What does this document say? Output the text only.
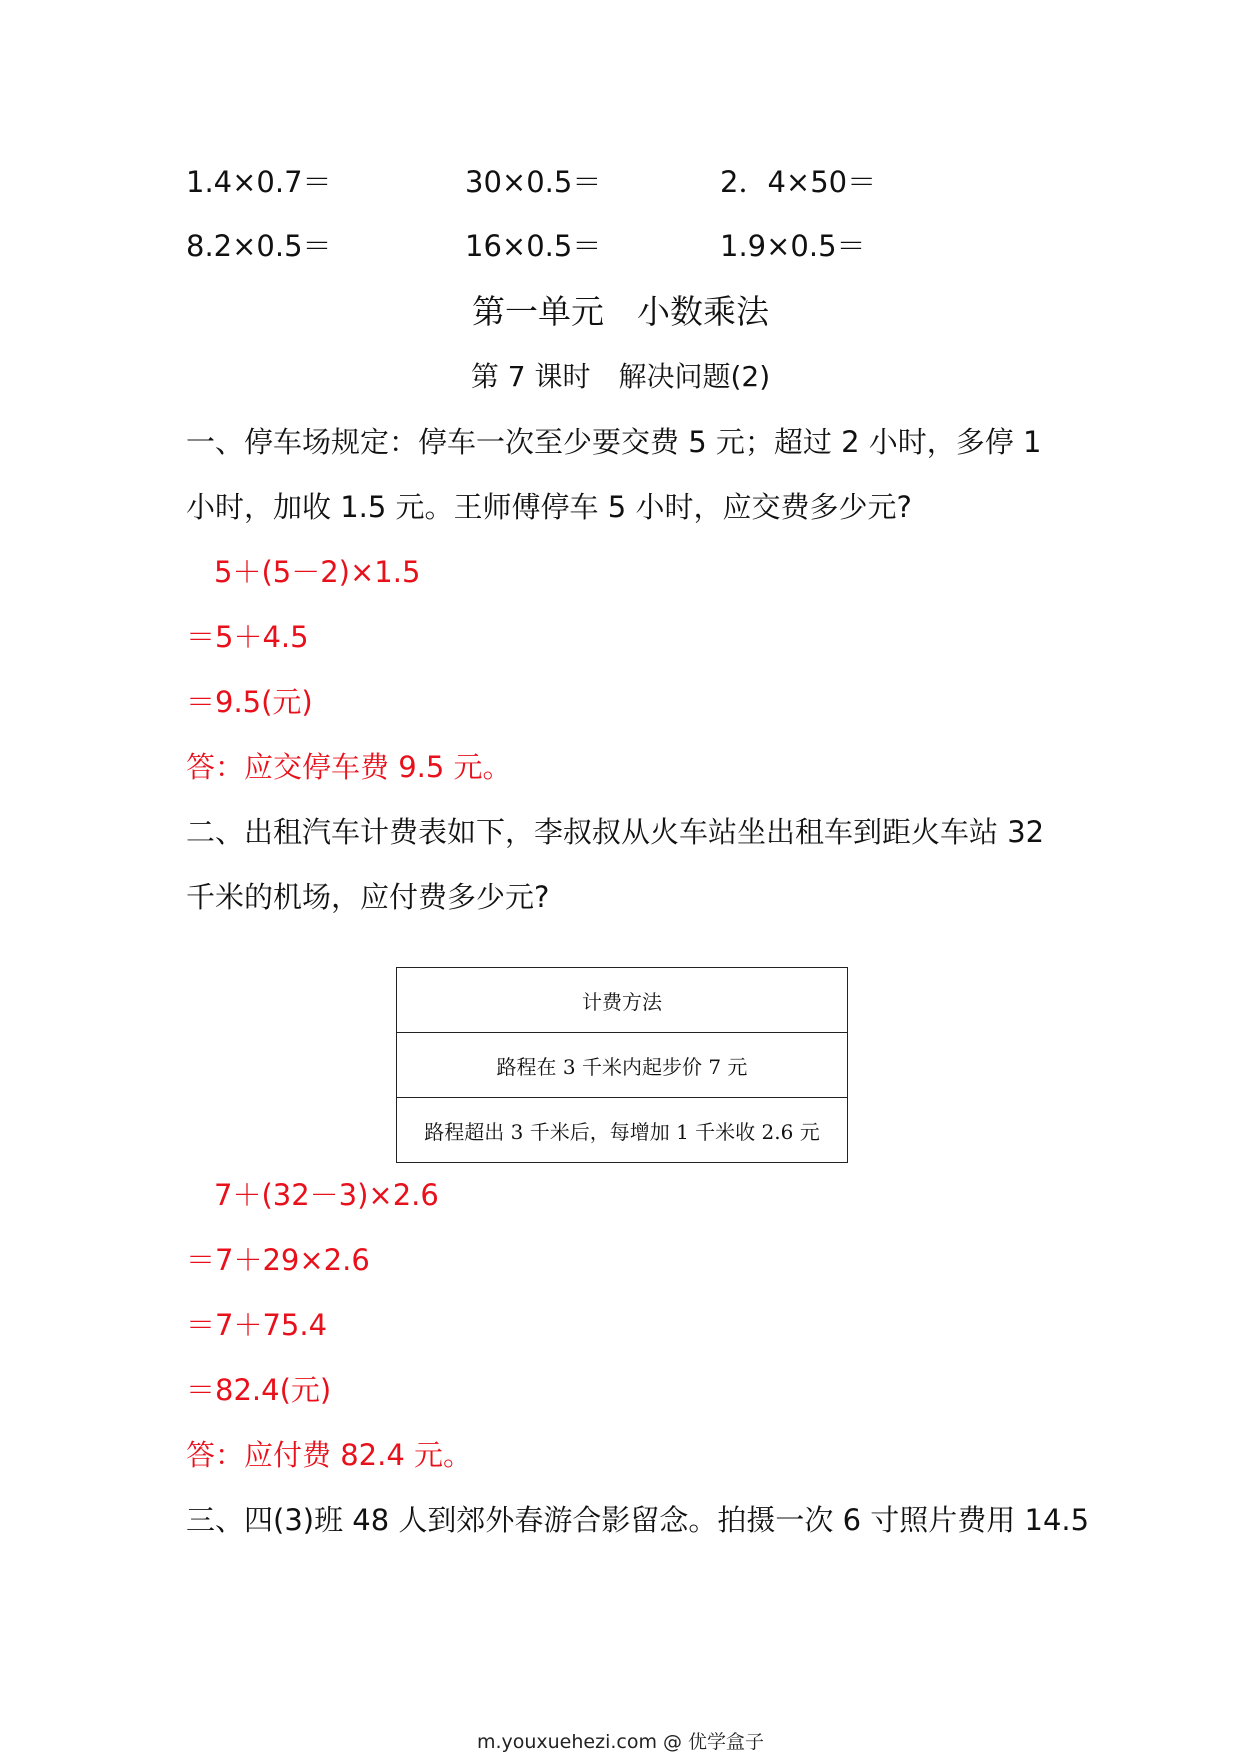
1.4×0.7＝	30×0.5＝	2．4×50＝
8.2×0.5＝	16×0.5＝	1.9×0.5＝
第一单元　小数乘法
第 7 课时　解决问题(2)
一、停车场规定：停车一次至少要交费 5 元；超过 2 小时，多停 1
小时，加收 1.5 元。王师傅停车 5 小时，应交费多少元?
5＋(5－2)×1.5
＝5＋4.5
＝9.5(元)
答：应交停车费 9.5 元。
二、出租汽车计费表如下，李叔叔从火车站坐出租车到距火车站 32
千米的机场，应付费多少元?
计费方法
路程在 3 千米内起步价 7 元
路程超出 3 千米后，每增加 1 千米收 2.6 元
7＋(32－3)×2.6
＝7＋29×2.6
＝7＋75.4
＝82.4(元)
答：应付费 82.4 元。
三、四(3)班 48 人到郊外春游合影留念。拍摄一次 6 寸照片费用 14.5
m.youxuehezi.com @ 优学盒子
